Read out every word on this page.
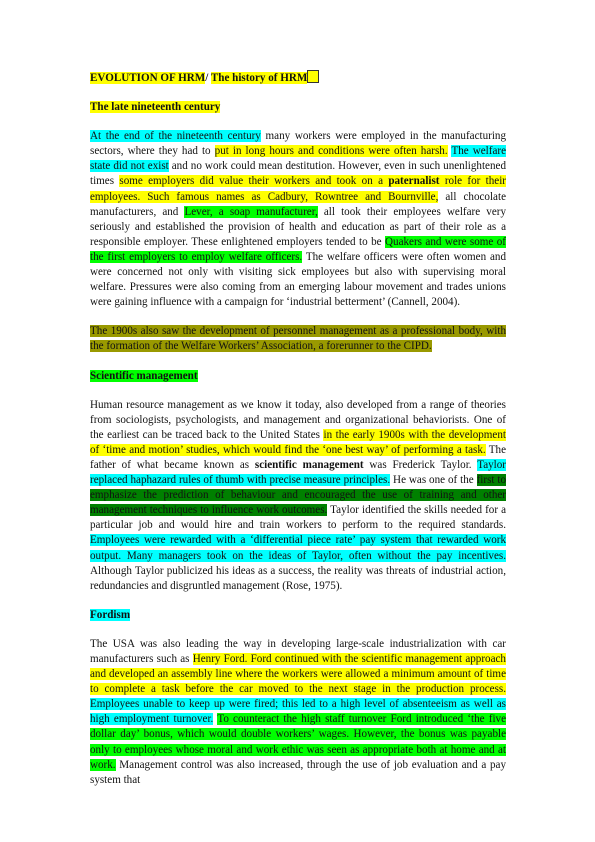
EVOLUTION OF HRM/ The history of HRM

The late nineteenth century

At the end of the nineteenth century many workers were employed in the manufacturing sectors, where they had to put in long hours and conditions were often harsh. The welfare state did not exist and no work could mean destitution. However, even in such unenlightened times some employers did value their workers and took on a paternalist role for their employees. Such famous names as Cadbury, Rowntree and Bournville, all chocolate manufacturers, and Lever, a soap manufacturer, all took their employees welfare very seriously and established the provision of health and education as part of their role as a responsible employer. These enlightened employers tended to be Quakers and were some of the first employers to employ welfare officers. The welfare officers were often women and were concerned not only with visiting sick employees but also with supervising moral welfare. Pressures were also coming from an emerging labour movement and trades unions were gaining influence with a campaign for ‘industrial betterment’ (Cannell, 2004).

The 1900s also saw the development of personnel management as a professional body, with the formation of the Welfare Workers’ Association, a forerunner to the CIPD.

Scientific management

Human resource management as we know it today, also developed from a range of theories from sociologists, psychologists, and management and organizational behaviorists. One of the earliest can be traced back to the United States in the early 1900s with the development of ‘time and motion’ studies, which would find the ‘one best way’ of performing a task. The father of what became known as scientific management was Frederick Taylor. Taylor replaced haphazard rules of thumb with precise measure principles. He was one of the first to emphasize the prediction of behaviour and encouraged the use of training and other management techniques to influence work outcomes. Taylor identified the skills needed for a particular job and would hire and train workers to perform to the required standards. Employees were rewarded with a ‘differential piece rate’ pay system that rewarded work output. Many managers took on the ideas of Taylor, often without the pay incentives. Although Taylor publicized his ideas as a success, the reality was threats of industrial action, redundancies and disgruntled management (Rose, 1975).

Fordism

The USA was also leading the way in developing large-scale industrialization with car manufacturers such as Henry Ford. Ford continued with the scientific management approach and developed an assembly line where the workers were allowed a minimum amount of time to complete a task before the car moved to the next stage in the production process. Employees unable to keep up were fired; this led to a high level of absenteeism as well as high employment turnover. To counteract the high staff turnover Ford introduced ‘the five dollar day’ bonus, which would double workers’ wages. However, the bonus was payable only to employees whose moral and work ethic was seen as appropriate both at home and at work. Management control was also increased, through the use of job evaluation and a pay system that
